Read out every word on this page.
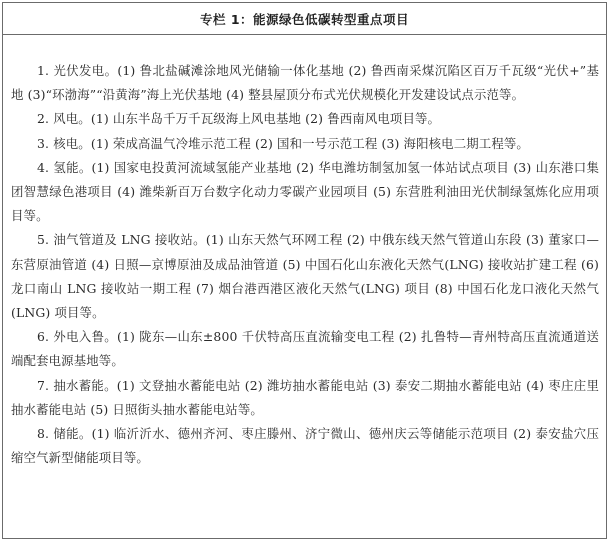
专栏 1：能源绿色低碳转型重点项目

1. 光伏发电。(1) 鲁北盐碱滩涂地风光储输一体化基地 (2) 鲁西南采煤沉陷区百万千瓦级“光伏+”基地 (3)“环渤海”“沿黄海”海上光伏基地 (4) 整县屋顶分布式光伏规模化开发建设试点示范等。

2. 风电。(1) 山东半岛千万千瓦级海上风电基地 (2) 鲁西南风电项目等。

3. 核电。(1) 荣成高温气冷堆示范工程 (2) 国和一号示范工程 (3) 海阳核电二期工程等。

4. 氢能。(1) 国家电投黄河流域氢能产业基地 (2) 华电潍坊制氢加氢一体站试点项目 (3) 山东港口集团智慧绿色港项目 (4) 潍柴新百万台数字化动力零碳产业园项目 (5) 东营胜利油田光伏制绿氢炼化应用项目等。

5. 油气管道及 LNG 接收站。(1) 山东天然气环网工程 (2) 中俄东线天然气管道山东段 (3) 董家口—东营原油管道 (4) 日照—京博原油及成品油管道 (5) 中国石化山东液化天然气(LNG) 接收站扩建工程 (6) 龙口南山 LNG 接收站一期工程 (7) 烟台港西港区液化天然气(LNG) 项目 (8) 中国石化龙口液化天然气 (LNG) 项目等。

6. 外电入鲁。(1) 陇东—山东±800 千伏特高压直流输变电工程 (2) 扎鲁特—青州特高压直流通道送端配套电源基地等。

7. 抽水蓄能。(1) 文登抽水蓄能电站 (2) 潍坊抽水蓄能电站 (3) 泰安二期抽水蓄能电站 (4) 枣庄庄里抽水蓄能电站 (5) 日照街头抽水蓄能电站等。

8. 储能。(1) 临沂沂水、德州齐河、枣庄滕州、济宁微山、德州庆云等储能示范项目 (2) 泰安盐穴压缩空气新型储能项目等。
